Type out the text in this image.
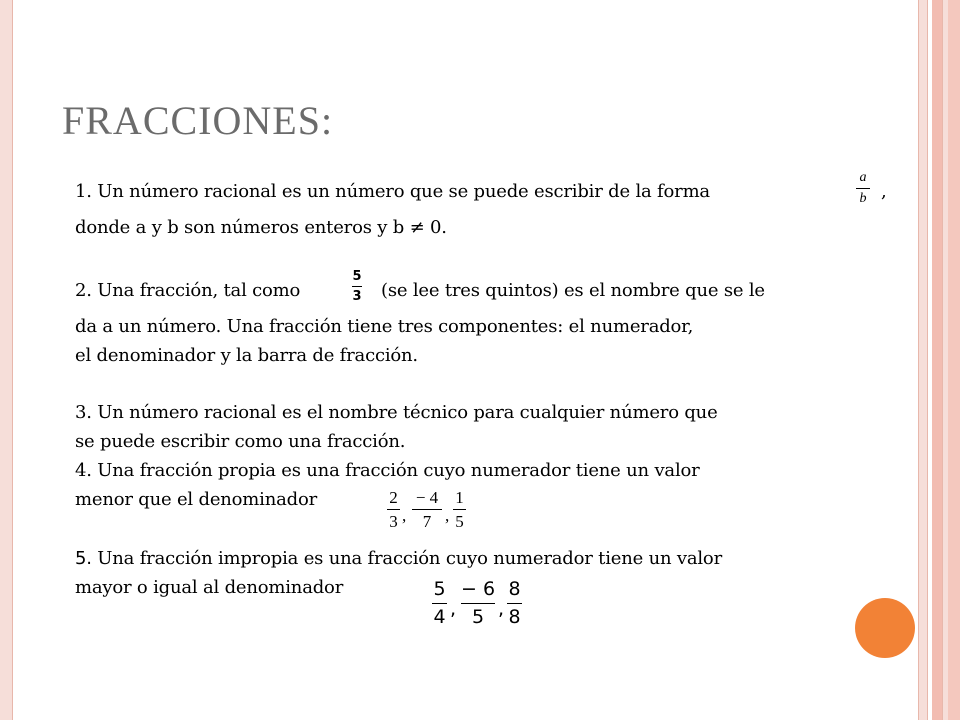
FRACCIONES:
1. Un número racional es un número que se puede escribir de la forma
a
b ,
donde a y b son números enteros y b ≠ 0.
2. Una fracción, tal como
5
3 (se lee tres quintos) es el nombre que se le
da a un número. Una fracción tiene tres componentes: el numerador,
el denominador y la barra de fracción.
3. Un número racional es el nombre técnico para cualquier número que
se puede escribir como una fracción.
4. Una fracción propia es una fracción cuyo numerador tiene un valor
menor que el denominador	2
3 ,
− 4
7 ,
1
5
5. Una fracción impropia es una fracción cuyo numerador tiene un valor
mayor o igual al denominador	5
4 ,
− 6
5 ,
8
8
